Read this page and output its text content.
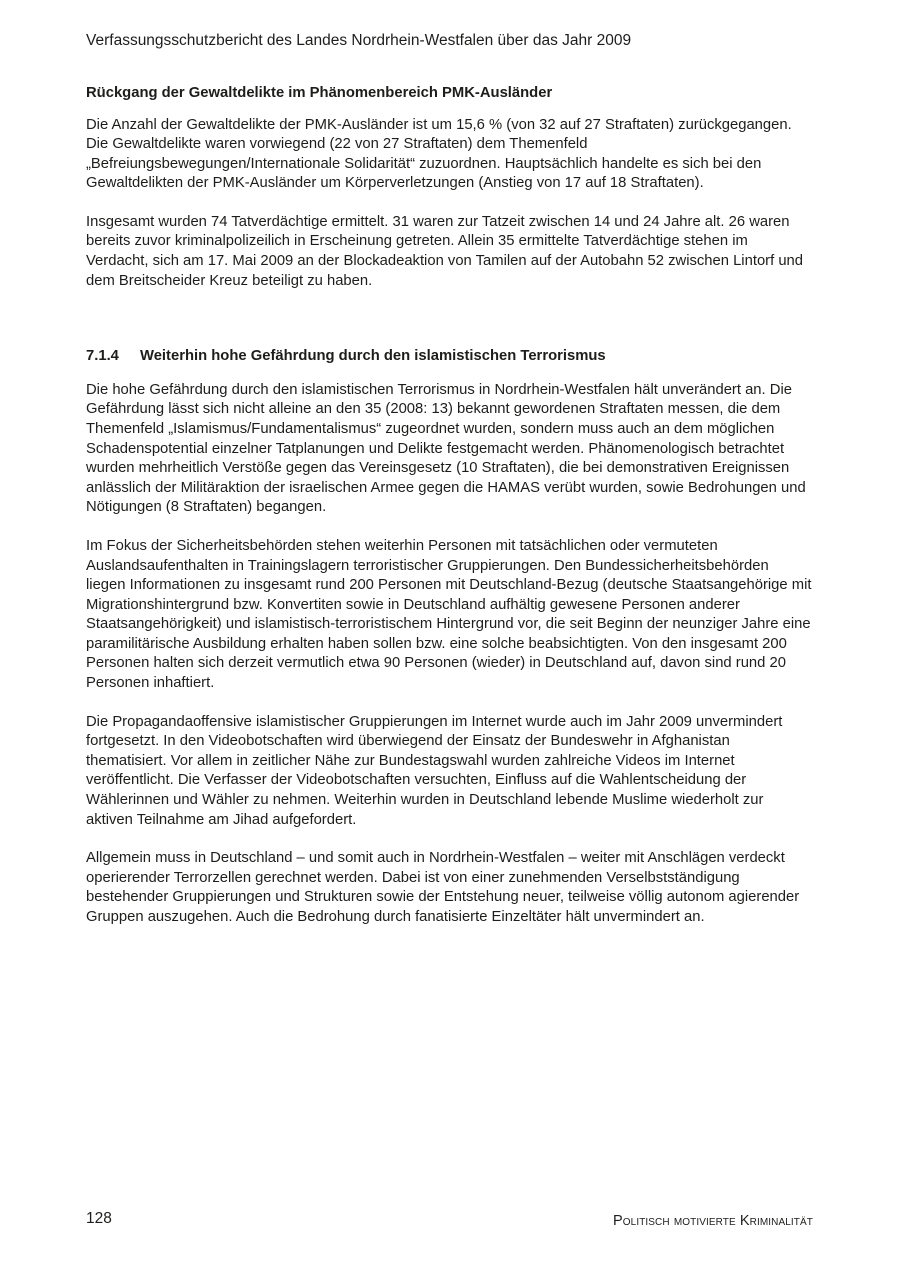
Verfassungsschutzbericht des Landes Nordrhein-Westfalen über das Jahr 2009
Rückgang der Gewaltdelikte im Phänomenbereich PMK-Ausländer

Die Anzahl der Gewaltdelikte der PMK-Ausländer ist um 15,6 % (von 32 auf 27 Straftaten) zurückgegangen. Die Gewaltdelikte waren vorwiegend (22 von 27 Straftaten) dem Themenfeld „Befreiungsbewegungen/Internationale Solidarität“ zuzuordnen. Hauptsächlich handelte es sich bei den Gewaltdelikten der PMK-Ausländer um Körperverletzungen (Anstieg von 17 auf 18 Straftaten).

Insgesamt wurden 74 Tatverdächtige ermittelt. 31 waren zur Tatzeit zwischen 14 und 24 Jahre alt. 26 waren bereits zuvor kriminalpolizeilich in Erscheinung getreten. Allein 35 ermittelte Tatverdächtige stehen im Verdacht, sich am 17. Mai 2009 an der Blockadeaktion von Tamilen auf der Autobahn 52 zwischen Lintorf und dem Breitscheider Kreuz beteiligt zu haben.

7.1.4	Weiterhin hohe Gefährdung durch den islamistischen Terrorismus

Die hohe Gefährdung durch den islamistischen Terrorismus in Nordrhein-Westfalen hält unverändert an. Die Gefährdung lässt sich nicht alleine an den 35 (2008: 13) bekannt gewordenen Straftaten messen, die dem Themenfeld „Islamismus/Fundamentalismus“ zugeordnet wurden, sondern muss auch an dem möglichen Schadenspotential einzelner Tatplanungen und Delikte festgemacht werden. Phänomenologisch betrachtet wurden mehrheitlich Verstöße gegen das Vereinsgesetz (10 Straftaten), die bei demonstrativen Ereignissen anlässlich der Militäraktion der israelischen Armee gegen die HAMAS verübt wurden, sowie Bedrohungen und Nötigungen (8 Straftaten) begangen.

Im Fokus der Sicherheitsbehörden stehen weiterhin Personen mit tatsächlichen oder vermuteten Auslandsaufenthalten in Trainingslagern terroristischer Gruppierungen. Den Bundessicherheitsbehörden liegen Informationen zu insgesamt rund 200 Personen mit Deutschland-Bezug (deutsche Staatsangehörige mit Migrationshintergrund bzw. Konvertiten sowie in Deutschland aufhältig gewesene Personen anderer Staatsangehörigkeit) und islamistisch-terroristischem Hintergrund vor, die seit Beginn der neunziger Jahre eine paramilitärische Ausbildung erhalten haben sollen bzw. eine solche beabsichtigten. Von den insgesamt 200 Personen halten sich derzeit vermutlich etwa 90 Personen (wieder) in Deutschland auf, davon sind rund 20 Personen inhaftiert.

Die Propagandaoffensive islamistischer Gruppierungen im Internet wurde auch im Jahr 2009 unvermindert fortgesetzt. In den Videobotschaften wird überwiegend der Einsatz der Bundeswehr in Afghanistan thematisiert. Vor allem in zeitlicher Nähe zur Bundestagswahl wurden zahlreiche Videos im Internet veröffentlicht. Die Verfasser der Videobotschaften versuchten, Einfluss auf die Wahlentscheidung der Wählerinnen und Wähler zu nehmen. Weiterhin wurden in Deutschland lebende Muslime wiederholt zur aktiven Teilnahme am Jihad aufgefordert.

Allgemein muss in Deutschland – und somit auch in Nordrhein-Westfalen – weiter mit Anschlägen verdeckt operierender Terrorzellen gerechnet werden. Dabei ist von einer zunehmenden Verselbstständigung bestehender Gruppierungen und Strukturen sowie der Entstehung neuer, teilweise völlig autonom agierender Gruppen auszugehen. Auch die Bedrohung durch fanatisierte Einzeltäter hält unvermindert an.

128	Politisch motivierte Kriminalität
